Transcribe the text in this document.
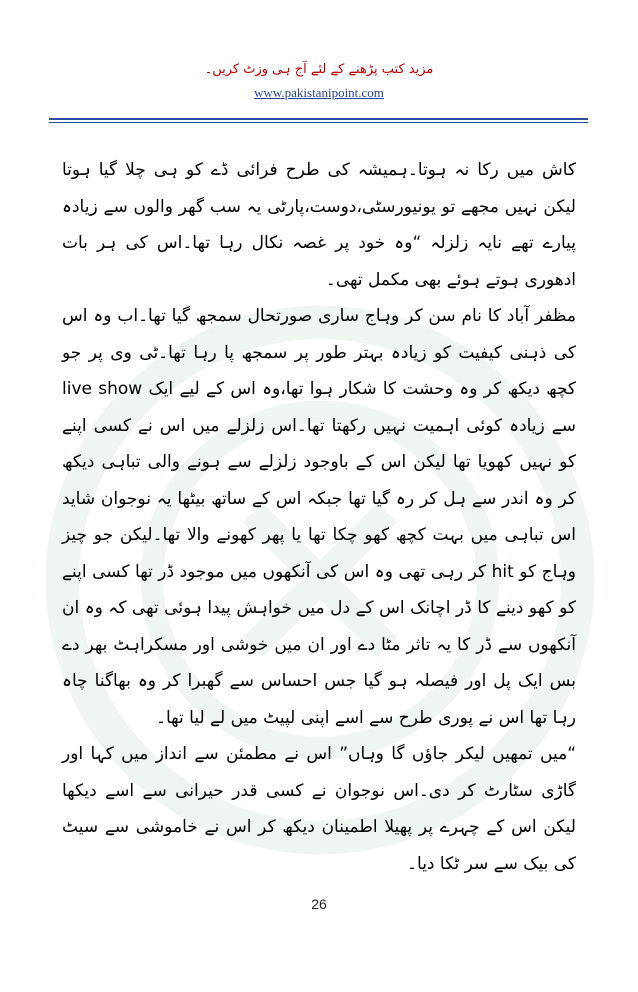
مزید کتب پڑھنے کے لئے آج ہی وزٹ کریں۔
www.pakistanipoint.com

کاش میں رکا نہ ہوتا۔ہمیشہ کی طرح فرائی ڈے کو ہی چلا گیا ہوتا لیکن نہیں مجھے تو یونیورسٹی،دوست،پارٹی یہ سب گھر والوں سے زیادہ پیارے تھے نایہ زلزلہ “وہ خود پر غصہ نکال رہا تھا۔اس کی ہر بات ادھوری ہوتے ہوئے بھی مکمل تھی۔

مظفر آباد کا نام سن کر وہاج ساری صورتحال سمجھ گیا تھا۔اب وہ اس کی ذہنی کیفیت کو زیادہ بہتر طور پر سمجھ پا رہا تھا۔ٹی وی پر جو کچھ دیکھ کر وہ وحشت کا شکار ہوا تھا،وہ اس کے لیے ایک live show سے زیادہ کوئی اہمیت نہیں رکھتا تھا۔اس زلزلے میں اس نے کسی اپنے کو نہیں کھویا تھا لیکن اس کے باوجود زلزلے سے ہونے والی تباہی دیکھ کر وہ اندر سے ہل کر رہ گیا تھا جبکہ اس کے ساتھ بیٹھا یہ نوجوان شاید اس تباہی میں بہت کچھ کھو چکا تھا یا پھر کھونے والا تھا۔لیکن جو چیز وہاج کو hit کر رہی تھی وہ اس کی آنکھوں میں موجود ڈر تھا کسی اپنے کو کھو دینے کا ڈر اچانک اس کے دل میں خواہش پیدا ہوئی تھی کہ وہ ان آنکھوں سے ڈر کا یہ تاثر مٹا دے اور ان میں خوشی اور مسکراہٹ بھر دے بس ایک پل اور فیصلہ ہو گیا جس احساس سے گھبرا کر وہ بھاگنا چاہ رہا تھا اس نے پوری طرح سے اسے اپنی لپیٹ میں لے لیا تھا۔

“میں تمھیں لیکر جاؤں گا وہاں” اس نے مطمئن سے انداز میں کہا اور گاڑی سٹارٹ کر دی۔اس نوجوان نے کسی قدر حیرانی سے اسے دیکھا لیکن اس کے چہرے پر پھیلا اطمینان دیکھ کر اس نے خاموشی سے سیٹ کی بیک سے سر ٹکا دیا۔

26
